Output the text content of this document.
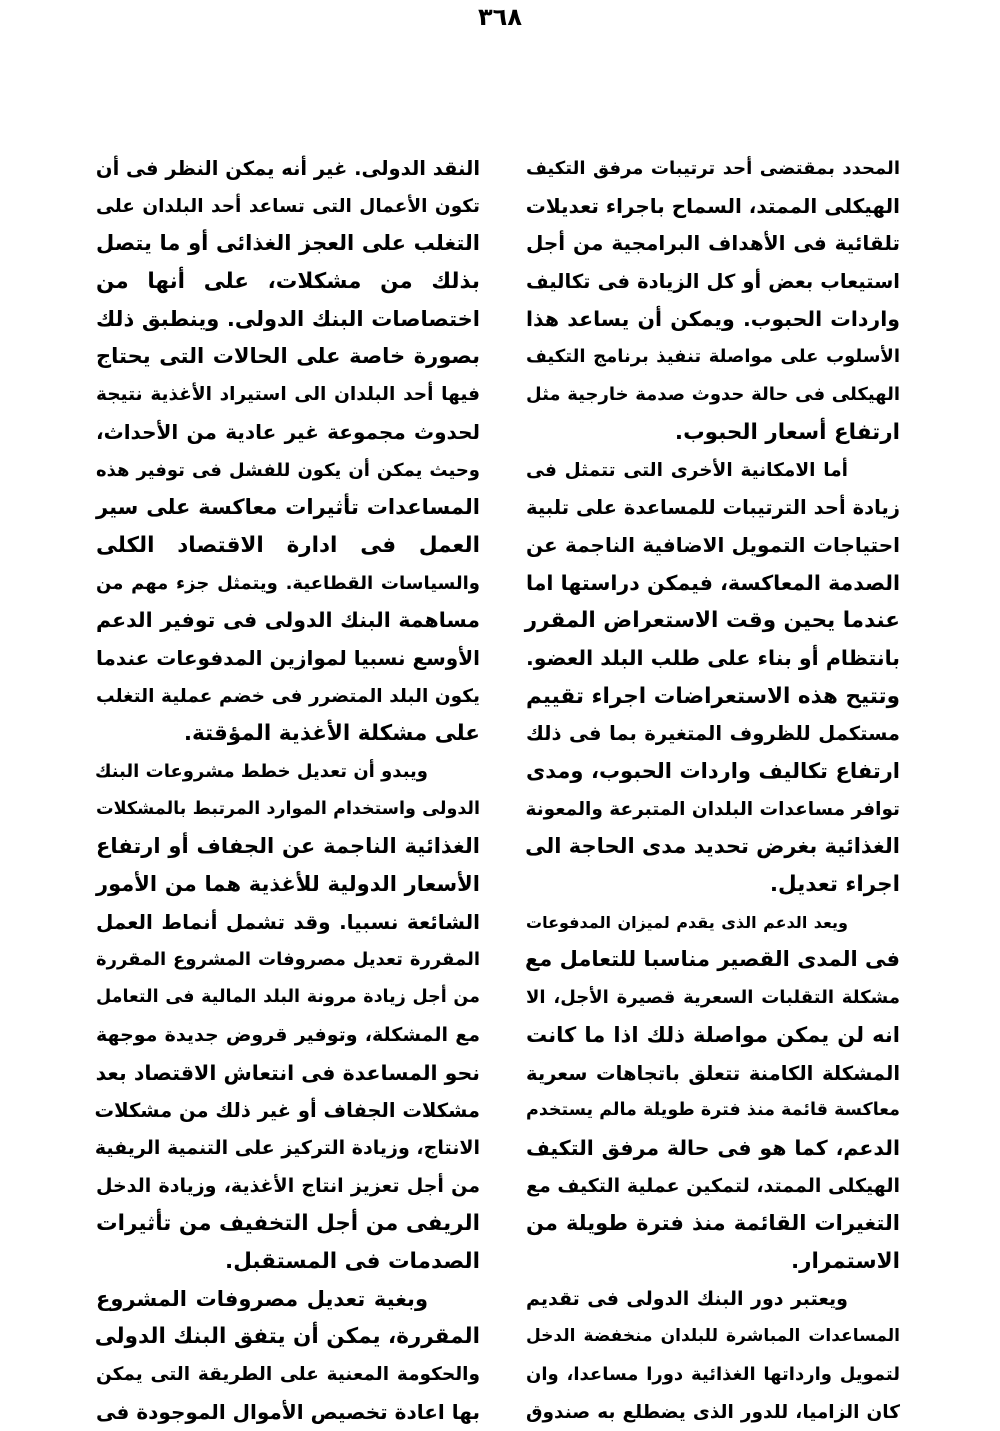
٣٦٨
المحدد بمقتضى أحد ترتيبات مرفق التكيف
الهيكلى الممتد، السماح باجراء تعديلات
تلقائية فى الأهداف البرامجية من أجل
استيعاب بعض أو كل الزيادة فى تكاليف
واردات الحبوب. ويمكن أن يساعد هذا
الأسلوب على مواصلة تنفيذ برنامج التكيف
الهيكلى فى حالة حدوث صدمة خارجية مثل
ارتفاع أسعار الحبوب.
أما الامكانية الأخرى التى تتمثل فى
زيادة أحد الترتيبات للمساعدة على تلبية
احتياجات التمويل الاضافية الناجمة عن
الصدمة المعاكسة، فيمكن دراستها اما
عندما يحين وقت الاستعراض المقرر
بانتظام أو بناء على طلب البلد العضو.
وتتيح هذه الاستعراضات اجراء تقييم
مستكمل للظروف المتغيرة بما فى ذلك
ارتفاع تكاليف واردات الحبوب، ومدى
توافر مساعدات البلدان المتبرعة والمعونة
الغذائية بغرض تحديد مدى الحاجة الى
اجراء تعديل.
ويعد الدعم الذى يقدم لميزان المدفوعات
فى المدى القصير مناسبا للتعامل مع
مشكلة التقلبات السعرية قصيرة الأجل، الا
انه لن يمكن مواصلة ذلك اذا ما كانت
المشكلة الكامنة تتعلق باتجاهات سعرية
معاكسة قائمة منذ فترة طويلة مالم يستخدم
الدعم، كما هو فى حالة مرفق التكيف
الهيكلى الممتد، لتمكين عملية التكيف مع
التغيرات القائمة منذ فترة طويلة من
الاستمرار.
ويعتبر دور البنك الدولى فى تقديم
المساعدات المباشرة للبلدان منخفضة الدخل
لتمويل وارداتها الغذائية دورا مساعدا، وان
كان الزاميا، للدور الذى يضطلع به صندوق
النقد الدولى. غير أنه يمكن النظر فى أن
تكون الأعمال التى تساعد أحد البلدان على
التغلب على العجز الغذائى أو ما يتصل
بذلك من مشكلات، على أنها من
اختصاصات البنك الدولى. وينطبق ذلك
بصورة خاصة على الحالات التى يحتاج
فيها أحد البلدان الى استيراد الأغذية نتيجة
لحدوث مجموعة غير عادية من الأحداث،
وحيث يمكن أن يكون للفشل فى توفير هذه
المساعدات تأثيرات معاكسة على سير
العمل فى ادارة الاقتصاد الكلى
والسياسات القطاعية. ويتمثل جزء مهم من
مساهمة البنك الدولى فى توفير الدعم
الأوسع نسبيا لموازين المدفوعات عندما
يكون البلد المتضرر فى خضم عملية التغلب
على مشكلة الأغذية المؤقتة.
ويبدو أن تعديل خطط مشروعات البنك
الدولى واستخدام الموارد المرتبط بالمشكلات
الغذائية الناجمة عن الجفاف أو ارتفاع
الأسعار الدولية للأغذية هما من الأمور
الشائعة نسبيا. وقد تشمل أنماط العمل
المقررة تعديل مصروفات المشروع المقررة
من أجل زيادة مرونة البلد المالية فى التعامل
مع المشكلة، وتوفير قروض جديدة موجهة
نحو المساعدة فى انتعاش الاقتصاد بعد
مشكلات الجفاف أو غير ذلك من مشكلات
الانتاج، وزيادة التركيز على التنمية الريفية
من أجل تعزيز انتاج الأغذية، وزيادة الدخل
الريفى من أجل التخفيف من تأثيرات
الصدمات فى المستقبل.
وبغية تعديل مصروفات المشروع
المقررة، يمكن أن يتفق البنك الدولى
والحكومة المعنية على الطريقة التى يمكن
بها اعادة تخصيص الأموال الموجودة فى
